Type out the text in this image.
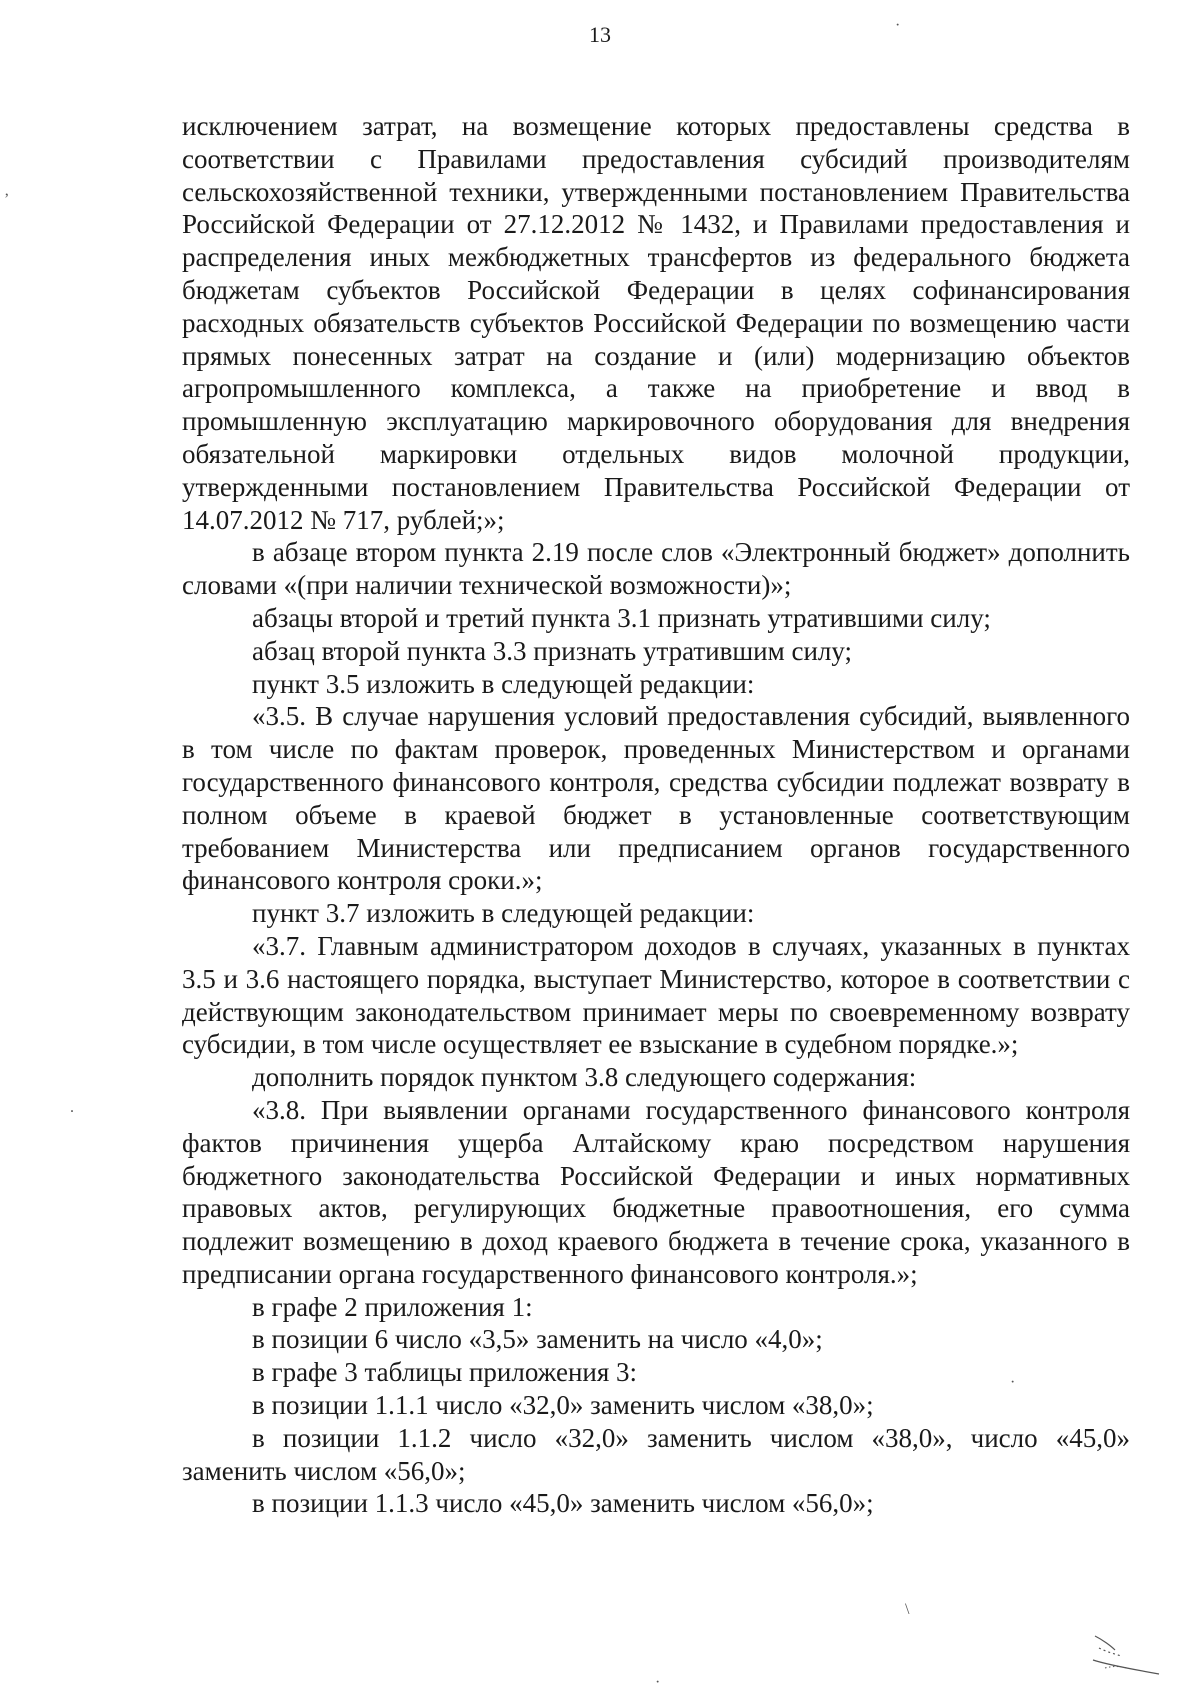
13

исключением затрат, на возмещение которых предоставлены средства в соответствии с Правилами предоставления субсидий производителям сельскохозяйственной техники, утвержденными постановлением Правительства Российской Федерации от 27.12.2012 № 1432, и Правилами предоставления и распределения иных межбюджетных трансфертов из федерального бюджета бюджетам субъектов Российской Федерации в целях софинансирования расходных обязательств субъектов Российской Федерации по возмещению части прямых понесенных затрат на создание и (или) модернизацию объектов агропромышленного комплекса, а также на приобретение и ввод в промышленную эксплуатацию маркировочного оборудования для внедрения обязательной маркировки отдельных видов молочной продукции, утвержденными постановлением Правительства Российской Федерации от 14.07.2012 № 717, рублей;»;

в абзаце втором пункта 2.19 после слов «Электронный бюджет» дополнить словами «(при наличии технической возможности)»;

абзацы второй и третий пункта 3.1 признать утратившими силу;

абзац второй пункта 3.3 признать утратившим силу;

пункт 3.5 изложить в следующей редакции:

«3.5. В случае нарушения условий предоставления субсидий, выявленного в том числе по фактам проверок, проведенных Министерством и органами государственного финансового контроля, средства субсидии подлежат возврату в полном объеме в краевой бюджет в установленные соответствующим требованием Министерства или предписанием органов государственного финансового контроля сроки.»;

пункт 3.7 изложить в следующей редакции:

«3.7. Главным администратором доходов в случаях, указанных в пунктах 3.5 и 3.6 настоящего порядка, выступает Министерство, которое в соответствии с действующим законодательством принимает меры по своевременному возврату субсидии, в том числе осуществляет ее взыскание в судебном порядке.»;

дополнить порядок пунктом 3.8 следующего содержания:

«3.8. При выявлении органами государственного финансового контроля фактов причинения ущерба Алтайскому краю посредством нарушения бюджетного законодательства Российской Федерации и иных нормативных правовых актов, регулирующих бюджетные правоотношения, его сумма подлежит возмещению в доход краевого бюджета в течение срока, указанного в предписании органа государственного финансового контроля.»;

в графе 2 приложения 1:

в позиции 6 число «3,5» заменить на число «4,0»;

в графе 3 таблицы приложения 3:

в позиции 1.1.1 число «32,0» заменить числом «38,0»;

в позиции 1.1.2 число «32,0» заменить числом «38,0», число «45,0» заменить числом «56,0»;

в позиции 1.1.3 число «45,0» заменить числом «56,0»;

·
ʼ
.
·
\
·
